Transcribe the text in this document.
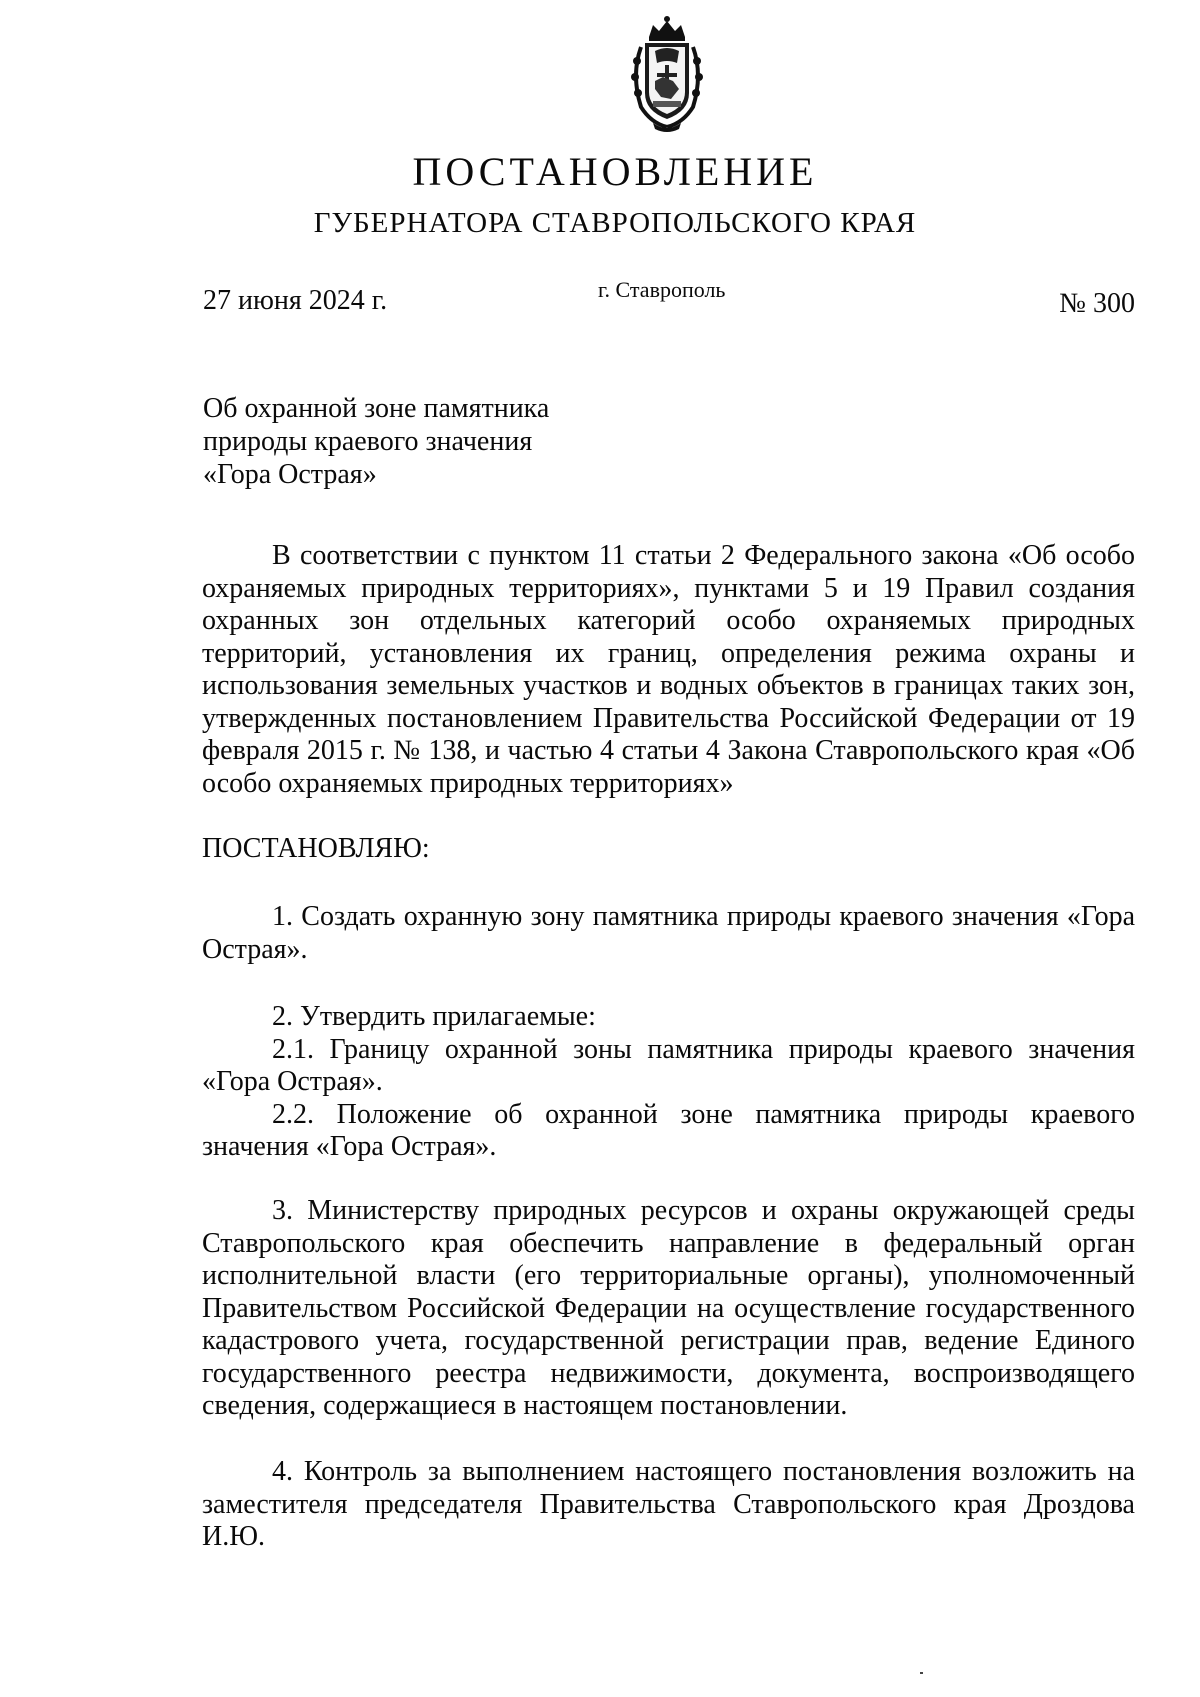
ПОСТАНОВЛЕНИЕ
ГУБЕРНАТОРА СТАВРОПОЛЬСКОГО КРАЯ
27 июня 2024 г.	г. Ставрополь	№ 300
Об охранной зоне памятника
природы краевого значения
«Гора Острая»
В соответствии с пунктом 11 статьи 2 Федерального закона «Об особо охраняемых природных территориях», пунктами 5 и 19 Правил создания охранных зон отдельных категорий особо охраняемых природных территорий, установления их границ, определения режима охраны и использования земельных участков и водных объектов в границах таких зон, утвержденных постановлением Правительства Российской Федерации от 19 февраля 2015 г. № 138, и частью 4 статьи 4 Закона Ставропольского края «Об особо охраняемых природных территориях»
ПОСТАНОВЛЯЮ:
1. Создать охранную зону памятника природы краевого значения «Гора Острая».
2. Утвердить прилагаемые:
2.1. Границу охранной зоны памятника природы краевого значения «Гора Острая».
2.2. Положение об охранной зоне памятника природы краевого значения «Гора Острая».
3. Министерству природных ресурсов и охраны окружающей среды Ставропольского края обеспечить направление в федеральный орган исполнительной власти (его территориальные органы), уполномоченный Правительством Российской Федерации на осуществление государственного кадастрового учета, государственной регистрации прав, ведение Единого государственного реестра недвижимости, документа, воспроизводящего сведения, содержащиеся в настоящем постановлении.
4. Контроль за выполнением настоящего постановления возложить на заместителя председателя Правительства Ставропольского края Дроздова И.Ю.
